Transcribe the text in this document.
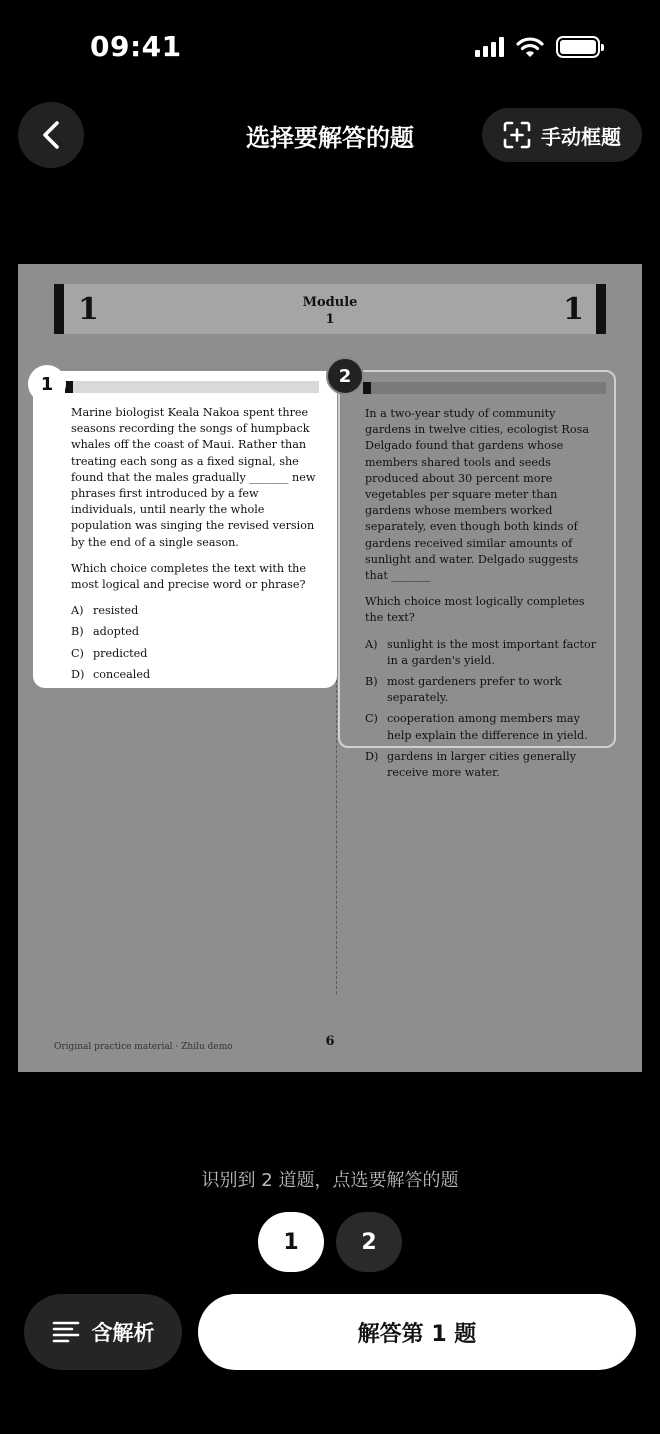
09:41
选择要解答的题	手动框题
1	Module
1	1

Marine biologist Keala Nakoa spent three seasons recording the songs of humpback whales off the coast of Maui. Rather than treating each song as a fixed signal, she found that the males gradually _______ new phrases first introduced by a few individuals, until nearly the whole population was singing the revised version by the end of a single season.

Which choice completes the text with the most logical and precise word or phrase?

A) resisted
B) adopted
C) predicted
D) concealed

In a two-year study of community gardens in twelve cities, ecologist Rosa Delgado found that gardens whose members shared tools and seeds produced about 30 percent more vegetables per square meter than gardens whose members worked separately, even though both kinds of gardens received similar amounts of sunlight and water. Delgado suggests that _______

Which choice most logically completes the text?

A) sunlight is the most important factor in a garden's yield.
B) most gardeners prefer to work separately.
C) cooperation among members may help explain the difference in yield.
D) gardens in larger cities generally receive more water.
1	2
Original practice material · Zhilu demo	6
识别到 2 道题，点选要解答的题
1	2
含解析	解答第 1 题
